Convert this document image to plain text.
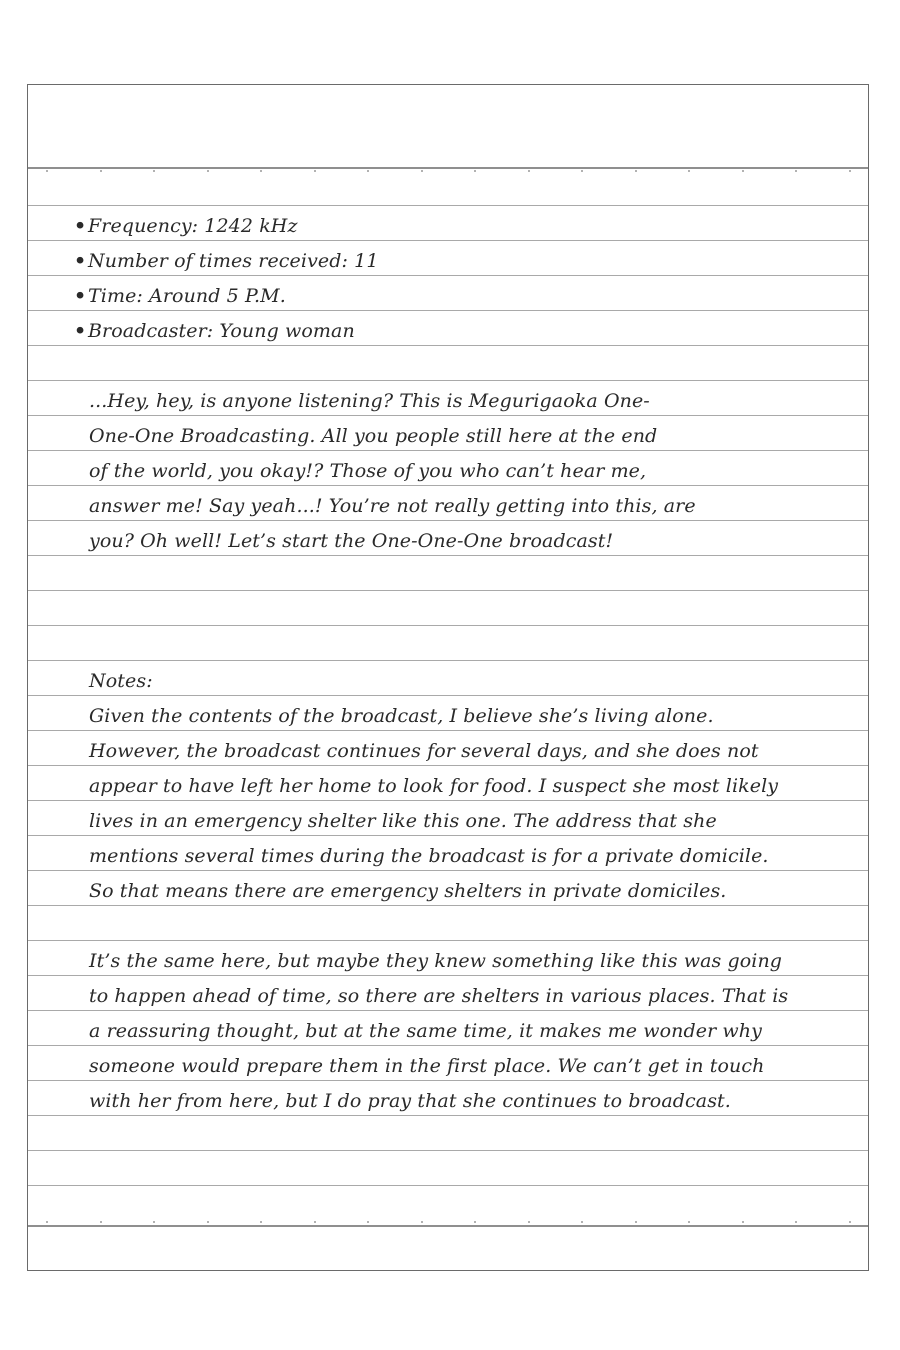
•Frequency: 1242 kHz
•Number of times received: 11
•Time: Around 5 P.M.
•Broadcaster: Young woman
...Hey, hey, is anyone listening? This is Megurigaoka One-
One-One Broadcasting. All you people still here at the end
of the world, you okay!? Those of you who can’t hear me,
answer me! Say yeah...! You’re not really getting into this, are
you? Oh well! Let’s start the One-One-One broadcast!
Notes:
Given the contents of the broadcast, I believe she’s living alone.
However, the broadcast continues for several days, and she does not
appear to have left her home to look for food. I suspect she most likely
lives in an emergency shelter like this one. The address that she
mentions several times during the broadcast is for a private domicile.
So that means there are emergency shelters in private domiciles.
It’s the same here, but maybe they knew something like this was going
to happen ahead of time, so there are shelters in various places. That is
a reassuring thought, but at the same time, it makes me wonder why
someone would prepare them in the first place. We can’t get in touch
with her from here, but I do pray that she continues to broadcast.
